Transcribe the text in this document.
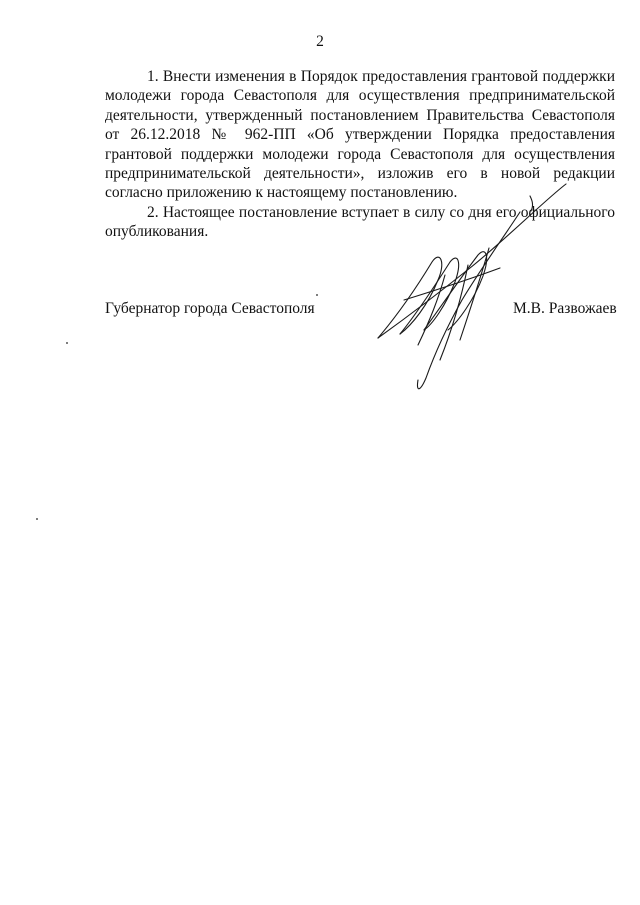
2

1. Внести изменения в Порядок предоставления грантовой поддержки молодежи города Севастополя для осуществления предпринимательской деятельности, утвержденный постановлением Правительства Севастополя от 26.12.2018 № 962-ПП «Об утверждении Порядка предоставления грантовой поддержки молодежи города Севастополя для осуществления предпринимательской деятельности», изложив его в новой редакции согласно приложению к настоящему постановлению.

2. Настоящее постановление вступает в силу со дня его официального опубликования.

Губернатор города Севастополя	М.В. Развожаев
